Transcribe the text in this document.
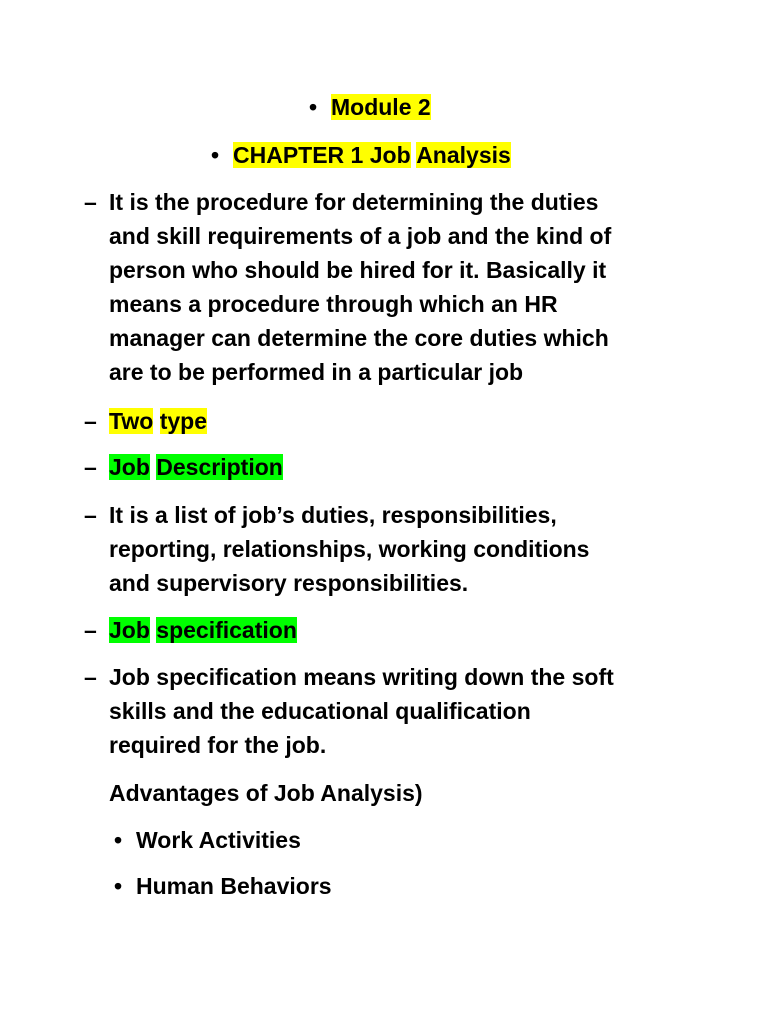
•Module 2
•CHAPTER 1 Job Analysis
–
It is the procedure for determining the duties
and skill requirements of a job and the kind of
person who should be hired for it. Basically it
means a procedure through which an HR
manager can determine the core duties which
are to be performed in a particular job
–
Two type
–
Job Description
–
It is a list of job’s duties, responsibilities,
reporting, relationships, working conditions
and supervisory responsibilities.
–
Job specification
–
Job specification means writing down the soft
skills and the educational qualification
required for the job.
Advantages of Job Analysis)
•Work Activities
•Human Behaviors
